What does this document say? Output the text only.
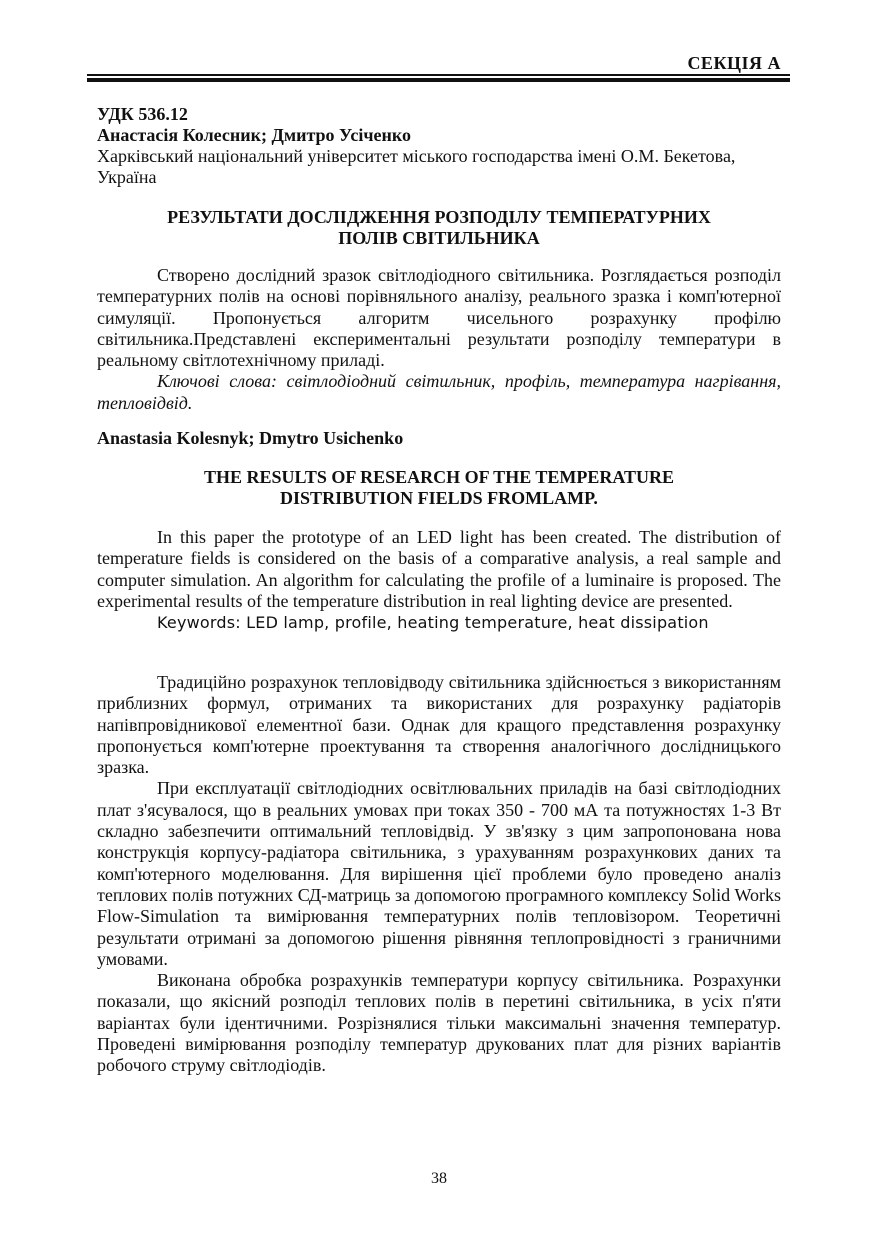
СЕКЦІЯ А
УДК 536.12
Анастасія Колесник; Дмитро Усіченко
Харківський національний університет міського господарства імені О.М. Бекетова, Україна
РЕЗУЛЬТАТИ ДОСЛІДЖЕННЯ РОЗПОДІЛУ ТЕМПЕРАТУРНИХ
ПОЛІВ СВІТИЛЬНИКА

Створено дослідний зразок світлодіодного світильника. Розглядається розподіл температурних полів на основі порівняльного аналізу, реального зразка і комп'ютерної симуляції. Пропонується алгоритм чисельного розрахунку профілю світильника.Представлені експериментальні результати розподілу температури в реальному світлотехнічному приладі.

Ключові слова: світлодіодний світильник, профіль, температура нагрівання, тепловідвід.

Anastasia Kolesnyk; Dmytro Usichenko
THE RESULTS OF RESEARCH OF THE TEMPERATURE
DISTRIBUTION FIELDS FROMLAMP.

In this paper the prototype of an LED light has been created. The distribution of temperature fields is considered on the basis of a comparative analysis, a real sample and computer simulation. An algorithm for calculating the profile of a luminaire is proposed. The experimental results of the temperature distribution in real lighting device are presented.

Keywords: LED lamp, profile, heating temperature, heat dissipation

Традиційно розрахунок тепловідводу світильника здійснюється з використанням приблизних формул, отриманих та використаних для розрахунку радіаторів напівпровідникової елементної бази. Однак для кращого представлення розрахунку пропонується комп'ютерне проектування та створення аналогічного дослідницького зразка.

При експлуатації світлодіодних освітлювальних приладів на базі світлодіодних плат з'ясувалося, що в реальних умовах при токах 350 - 700 мА та потужностях 1-3 Вт складно забезпечити оптимальний тепловідвід. У зв'язку з цим запропонована нова конструкція корпусу-радіатора світильника, з урахуванням розрахункових даних та комп'ютерного моделювання. Для вирішення цієї проблеми було проведено аналіз теплових полів потужних СД-матриць за допомогою програмного комплексу Solid Works Flow-Simulation та вимірювання температурних полів тепловізором. Теоретичні результати отримані за допомогою рішення рівняння теплопровідності з граничними умовами.

Виконана обробка розрахунків температури корпусу світильника. Розрахунки показали, що якісний розподіл теплових полів в перетині світильника, в усіх п'яти варіантах були ідентичними. Розрізнялися тільки максимальні значення температур. Проведені вимірювання розподілу температур друкованих плат для різних варіантів робочого струму світлодіодів.

38
